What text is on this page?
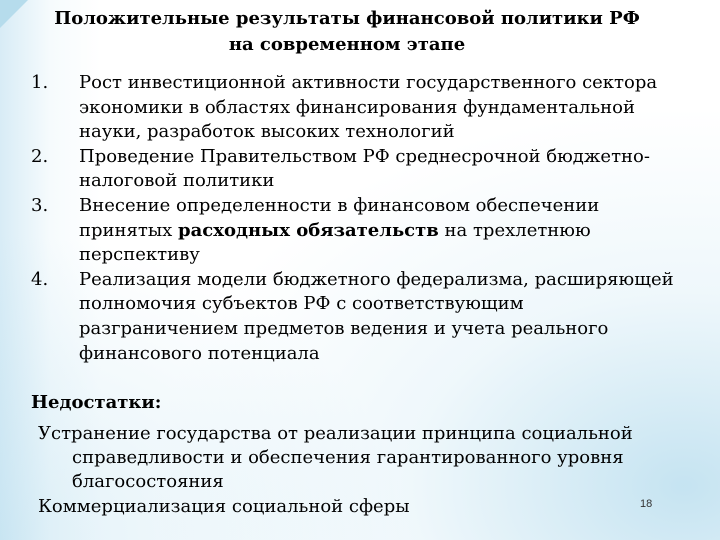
Положительные результаты финансовой политики РФ
на современном этапе
1. Рост инвестиционной активности государственного сектора экономики в областях финансирования фундаментальной науки, разработок высоких технологий
2. Проведение Правительством РФ среднесрочной бюджетно-налоговой политики
3. Внесение определенности в финансовом обеспечении принятых расходных обязательств на трехлетнюю перспективу
4. Реализация модели бюджетного федерализма, расширяющей полномочия субъектов РФ с соответствующим разграничением предметов ведения и учета реального финансового потенциала
Недостатки:
Устранение государства от реализации принципа социальной справедливости и обеспечения гарантированного уровня благосостояния
Коммерциализация социальной сферы	18
